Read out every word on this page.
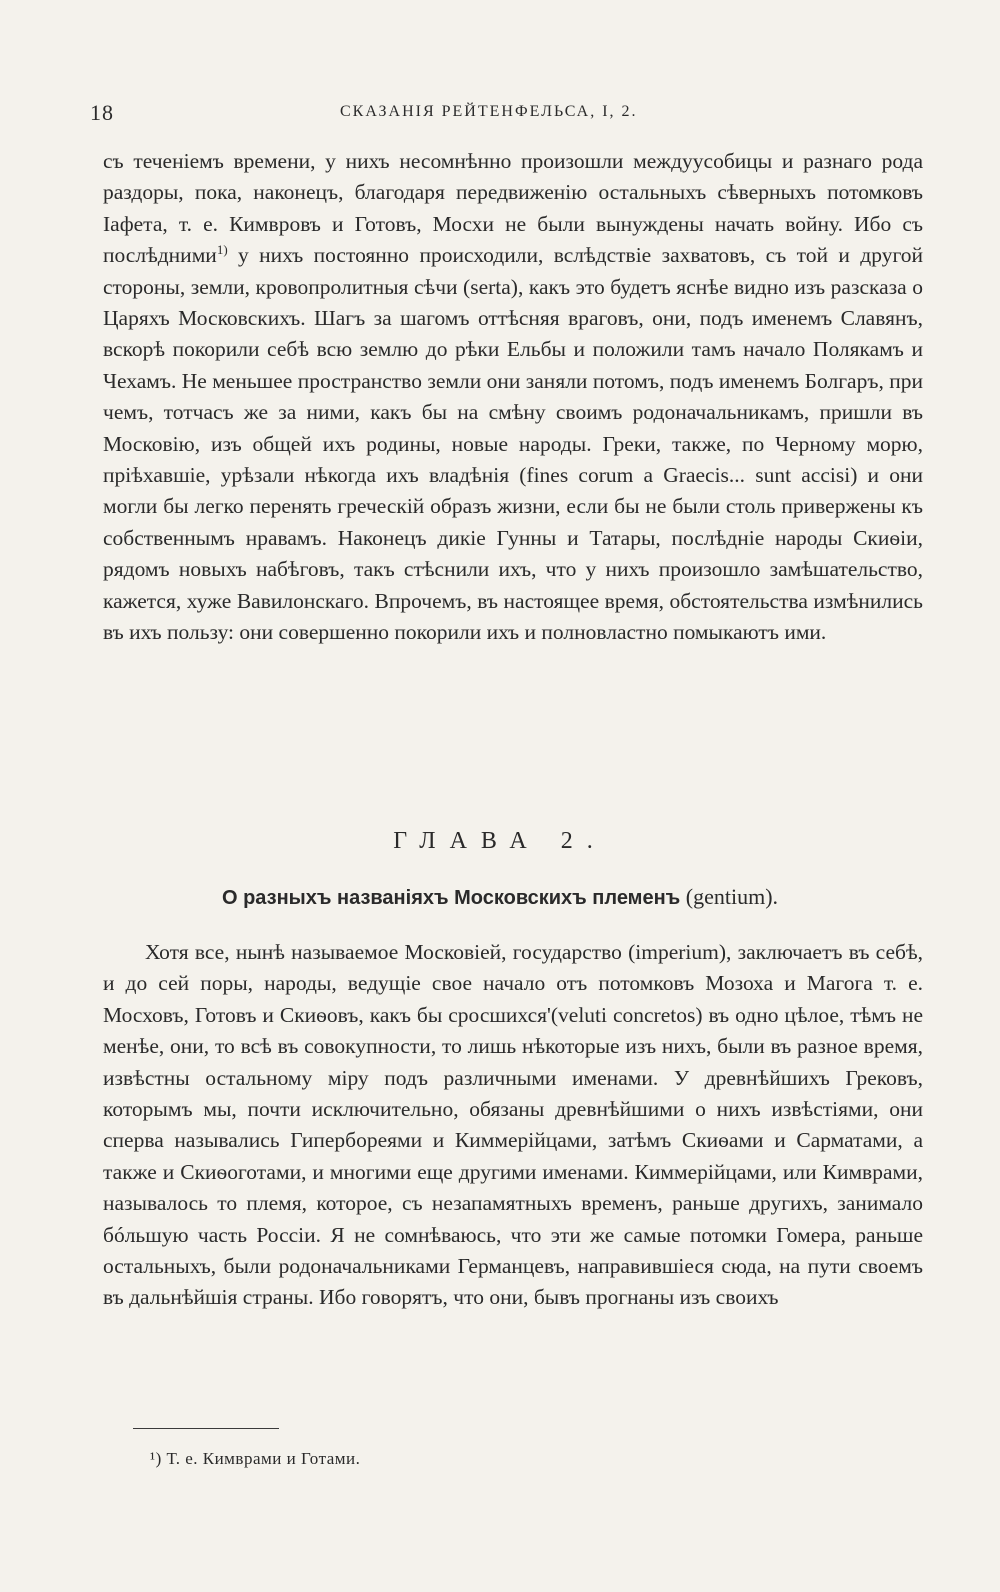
18	СКАЗАНІЯ РЕЙТЕНФЕЛЬСА, I, 2.

съ теченіемъ времени, у нихъ несомнѣнно произошли междуусобицы и разнаго рода раздоры, пока, наконецъ, благодаря передвиженію остальныхъ сѣверныхъ потомковъ Іафета, т. е. Кимвровъ и Готовъ, Мосхи не были вынуждены начать войну. Ибо съ послѣдними$^{1)}$ у нихъ постоянно происходили, вслѣдствіе захватовъ, съ той и другой стороны, земли, кровопролитныя сѣчи (serta), какъ это будетъ яснѣе видно изъ разсказа о Царяхъ Московскихъ. Шагъ за шагомъ оттѣсняя враговъ, они, подъ именемъ Славянъ, вскорѣ покорили себѣ всю землю до рѣки Ельбы и положили тамъ начало Полякамъ и Чехамъ. Не меньшее пространство земли они заняли потомъ, подъ именемъ Болгаръ, при чемъ, тотчасъ же за ними, какъ бы на смѣну своимъ родоначальникамъ, пришли въ Московію, изъ общей ихъ родины, новые народы. Греки, также, по Черному морю, пріѣхавшіе, урѣзали нѣкогда ихъ владѣнія (fines corum a Graecis... sunt accisi) и они могли бы легко перенять греческій образъ жизни, если бы не были столь привержены къ собственнымъ нравамъ. Наконецъ дикіе Гунны и Татары, послѣдніе народы Скиѳіи, рядомъ новыхъ набѣговъ, такъ стѣснили ихъ, что у нихъ произошло замѣшательство, кажется, хуже Вавилонскаго. Впрочемъ, въ настоящее время, обстоятельства измѣнились въ ихъ пользу: они совершенно покорили ихъ и полновластно помыкаютъ ими.

ГЛАВА 2.
О разныхъ названіяхъ Московскихъ племенъ (gentium).

Хотя все, нынѣ называемое Московіей, государство (imperium), заключаетъ въ себѣ, и до сей поры, народы, ведущіе свое начало отъ потомковъ Мозоха и Магога т. е. Мосховъ, Готовъ и Скиѳовъ, какъ бы сросшихся'(veluti concretos) въ одно цѣлое, тѣмъ не менѣе, они, то всѣ въ совокупности, то лишь нѣкоторые изъ нихъ, были въ разное время, извѣстны остальному міру подъ различными именами. У древнѣйшихъ Грековъ, которымъ мы, почти исключительно, обязаны древнѣйшими о нихъ извѣстіями, они сперва назывались Гипербореями и Киммерійцами, затѣмъ Скиѳами и Сарматами, а также и Скиѳоготами, и многими еще другими именами. Киммерійцами, или Кимврами, называлось то племя, которое, съ незапамятныхъ временъ, раньше другихъ, занимало бóльшую часть Россіи. Я не сомнѣваюсь, что эти же самые потомки Гомера, раньше остальныхъ, были родоначальниками Германцевъ, направившіеся сюда, на пути своемъ въ дальнѣйшія страны. Ибо говорятъ, что они, бывъ прогнаны изъ своихъ

¹) Т. е. Кимврами и Готами.
